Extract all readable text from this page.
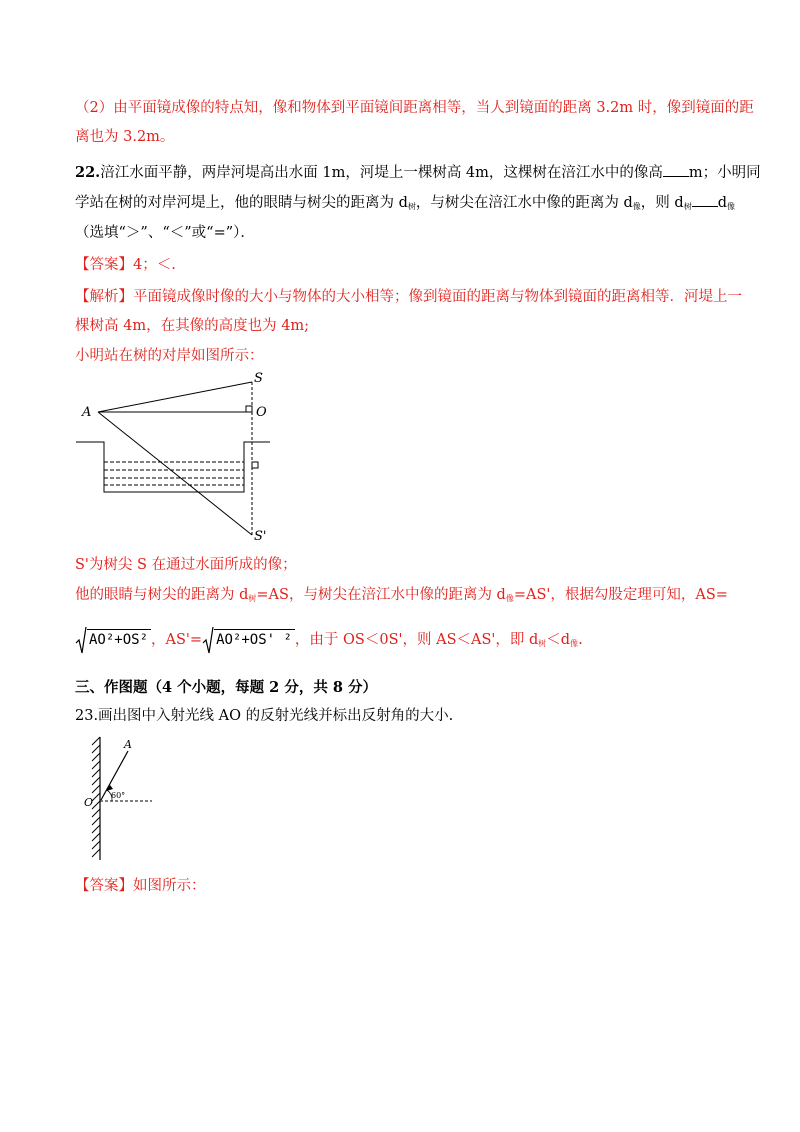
（2）由平面镜成像的特点知，像和物体到平面镜间距离相等，当人到镜面的距离 3.2m 时，像到镜面的距
离也为 3.2m。
22.涪江水面平静，两岸河堤高出水面 1m，河堤上一棵树高 4m，这棵树在涪江水中的像高 m；小明同
学站在树的对岸河堤上，他的眼睛与树尖的距离为 d树，与树尖在涪江水中像的距离为 d像，则 d树 d像
（选填“＞”、“＜”或“=”）．
【答案】4；＜.
【解析】平面镜成像时像的大小与物体的大小相等；像到镜面的距离与物体到镜面的距离相等．河堤上一
棵树高 4m，在其像的高度也为 4m;
小明站在树的对岸如图所示：
A
S
O
S'
S'为树尖 S 在通过水面所成的像；
他的眼睛与树尖的距离为 d树=AS，与树尖在涪江水中像的距离为 d像=AS'，根据勾股定理可知，AS=
AO²+OS² ，AS'= AO²+OS' ² ，由于 OS＜0S'，则 AS＜AS'，即 d树＜d像.
三、作图题（4 个小题，每题 2 分，共 8 分）
23.画出图中入射光线 AO 的反射光线并标出反射角的大小.
A
O
60°
【答案】如图所示：
